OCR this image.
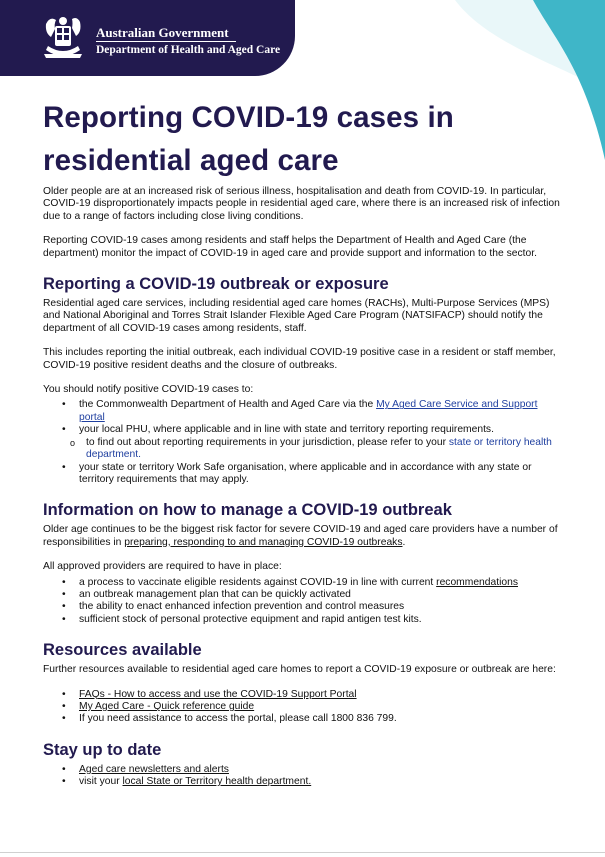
Australian Government
Department of Health and Aged Care
Reporting COVID-19 cases in
residential aged care

Older people are at an increased risk of serious illness, hospitalisation and death from COVID-19. In particular, COVID-19 disproportionately impacts people in residential aged care, where there is an increased risk of infection due to a range of factors including close living conditions.

Reporting COVID-19 cases among residents and staff helps the Department of Health and Aged Care (the department) monitor the impact of COVID-19 in aged care and provide support and information to the sector.

Reporting a COVID-19 outbreak or exposure

Residential aged care services, including residential aged care homes (RACHs), Multi-Purpose Services (MPS) and National Aboriginal and Torres Strait Islander Flexible Aged Care Program (NATSIFACP) should notify the department of all COVID-19 cases among residents, staff.

This includes reporting the initial outbreak, each individual COVID-19 positive case in a resident or staff member, COVID-19 positive resident deaths and the closure of outbreaks.

You should notify positive COVID-19 cases to:

• the Commonwealth Department of Health and Aged Care via the My Aged Care Service and Support portal
• your local PHU, where applicable and in line with state and territory reporting requirements.
o to find out about reporting requirements in your jurisdiction, please refer to your state or territory health department.
• your state or territory Work Safe organisation, where applicable and in accordance with any state or territory requirements that may apply.
Information on how to manage a COVID-19 outbreak

Older age continues to be the biggest risk factor for severe COVID-19 and aged care providers have a number of responsibilities in preparing, responding to and managing COVID-19 outbreaks.

All approved providers are required to have in place:

• a process to vaccinate eligible residents against COVID-19 in line with current recommendations
• an outbreak management plan that can be quickly activated
• the ability to enact enhanced infection prevention and control measures
• sufficient stock of personal protective equipment and rapid antigen test kits.
Resources available

Further resources available to residential aged care homes to report a COVID-19 exposure or outbreak are here:

• FAQs - How to access and use the COVID-19 Support Portal
• My Aged Care - Quick reference guide
• If you need assistance to access the portal, please call 1800 836 799.
Stay up to date
• Aged care newsletters and alerts
• visit your local State or Territory health department.
